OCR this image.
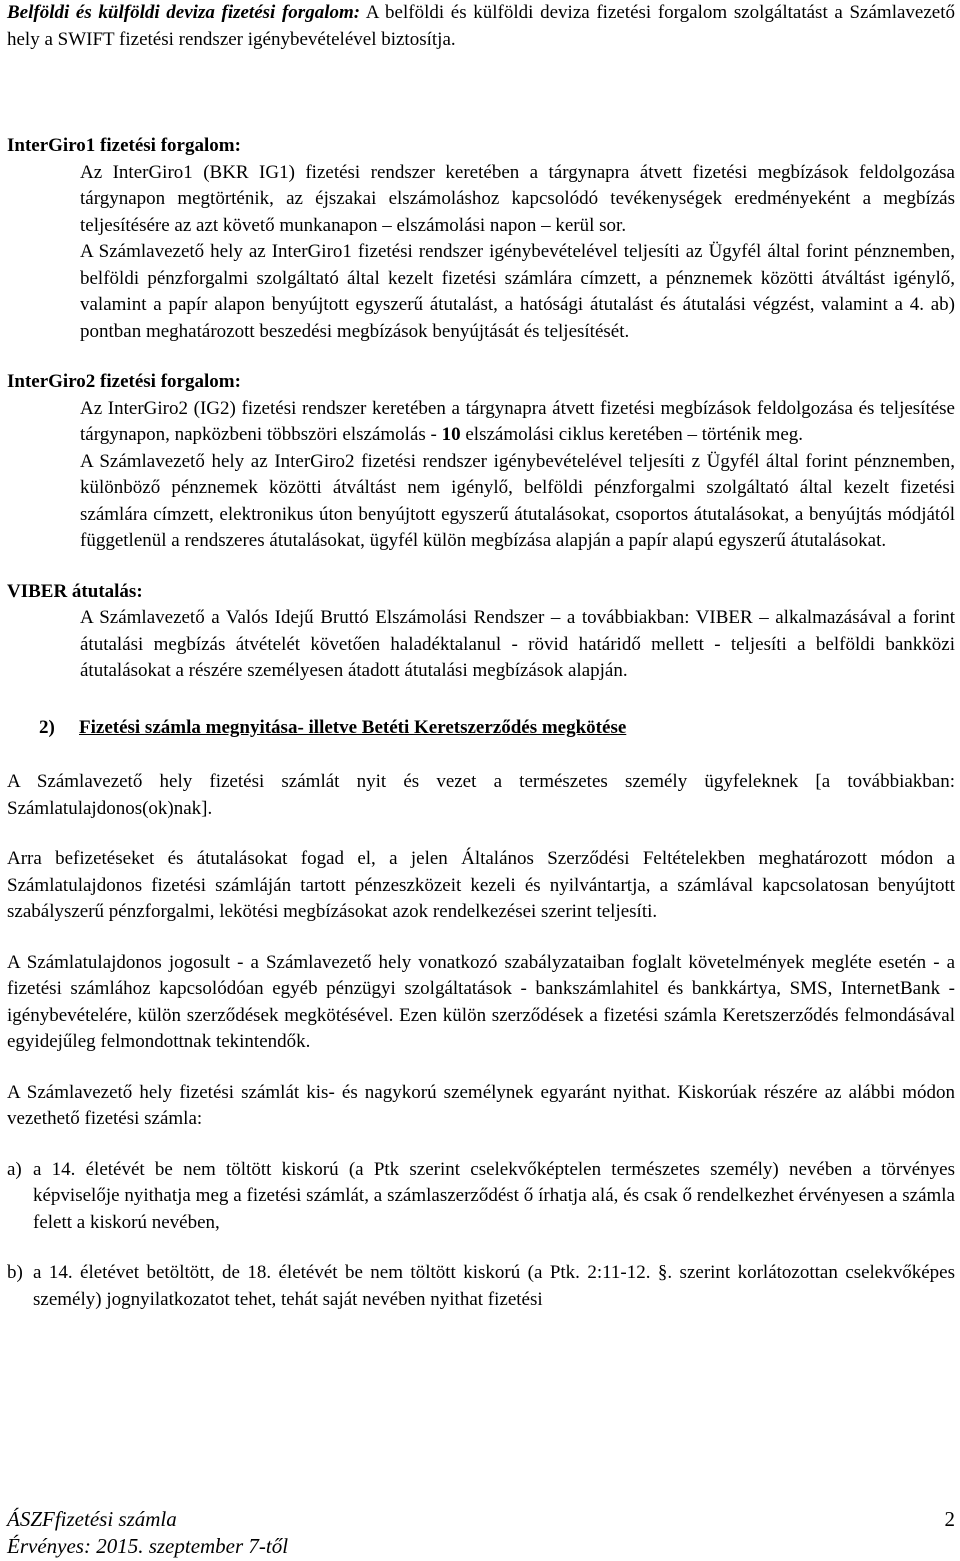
Belföldi és külföldi deviza fizetési forgalom: A belföldi és külföldi deviza fizetési forgalom szolgáltatást a Számlavezető hely a SWIFT fizetési rendszer igénybevételével biztosítja.

InterGiro1 fizetési forgalom:

Az InterGiro1 (BKR IG1) fizetési rendszer keretében a tárgynapra átvett fizetési megbízások feldolgozása tárgynapon megtörténik, az éjszakai elszámoláshoz kapcsolódó tevékenységek eredményeként a megbízás teljesítésére az azt követő munkanapon – elszámolási napon – kerül sor.

A Számlavezető hely az InterGiro1 fizetési rendszer igénybevételével teljesíti az Ügyfél által forint pénznemben, belföldi pénzforgalmi szolgáltató által kezelt fizetési számlára címzett, a pénznemek közötti átváltást igénylő, valamint a papír alapon benyújtott egyszerű átutalást, a hatósági átutalást és átutalási végzést, valamint a 4. ab) pontban meghatározott beszedési megbízások benyújtását és teljesítését.

InterGiro2 fizetési forgalom:

Az InterGiro2 (IG2) fizetési rendszer keretében a tárgynapra átvett fizetési megbízások feldolgozása és teljesítése tárgynapon, napközbeni többszöri elszámolás - 10 elszámolási ciklus keretében – történik meg.

A Számlavezető hely az InterGiro2 fizetési rendszer igénybevételével teljesíti z Ügyfél által forint pénznemben, különböző pénznemek közötti átváltást nem igénylő, belföldi pénzforgalmi szolgáltató által kezelt fizetési számlára címzett, elektronikus úton benyújtott egyszerű átutalásokat, csoportos átutalásokat, a benyújtás módjától függetlenül a rendszeres átutalásokat, ügyfél külön megbízása alapján a papír alapú egyszerű átutalásokat.

VIBER átutalás:

A Számlavezető a Valós Idejű Bruttó Elszámolási Rendszer – a továbbiakban: VIBER – alkalmazásával a forint átutalási megbízás átvételét követően haladéktalanul - rövid határidő mellett - teljesíti a belföldi bankközi átutalásokat a részére személyesen átadott átutalási megbízások alapján.

2) Fizetési számla megnyitása- illetve Betéti Keretszerződés megkötése

A Számlavezető hely fizetési számlát nyit és vezet a természetes személy ügyfeleknek [a továbbiakban: Számlatulajdonos(ok)nak].

Arra befizetéseket és átutalásokat fogad el, a jelen Általános Szerződési Feltételekben meghatározott módon a Számlatulajdonos fizetési számláján tartott pénzeszközeit kezeli és nyilvántartja, a számlával kapcsolatosan benyújtott szabályszerű pénzforgalmi, lekötési megbízásokat azok rendelkezései szerint teljesíti.

A Számlatulajdonos jogosult - a Számlavezető hely vonatkozó szabályzataiban foglalt követelmények megléte esetén - a fizetési számlához kapcsolódóan egyéb pénzügyi szolgáltatások - bankszámlahitel és bankkártya, SMS, InternetBank - igénybevételére, külön szerződések megkötésével. Ezen külön szerződések a fizetési számla Keretszerződés felmondásával egyidejűleg felmondottnak tekintendők.

A Számlavezető hely fizetési számlát kis- és nagykorú személynek egyaránt nyithat. Kiskorúak részére az alábbi módon vezethető fizetési számla:

a) a 14. életévét be nem töltött kiskorú (a Ptk szerint cselekvőképtelen természetes személy) nevében a törvényes képviselője nyithatja meg a fizetési számlát, a számlaszerződést ő írhatja alá, és csak ő rendelkezhet érvényesen a számla felett a kiskorú nevében,
b) a 14. életévet betöltött, de 18. életévét be nem töltött kiskorú (a Ptk. 2:11-12. §. szerint korlátozottan cselekvőképes személy) jognyilatkozatot tehet, tehát saját nevében nyithat fizetési
ÁSZFfizetési számla	2
Érvényes: 2015. szeptember 7-től
